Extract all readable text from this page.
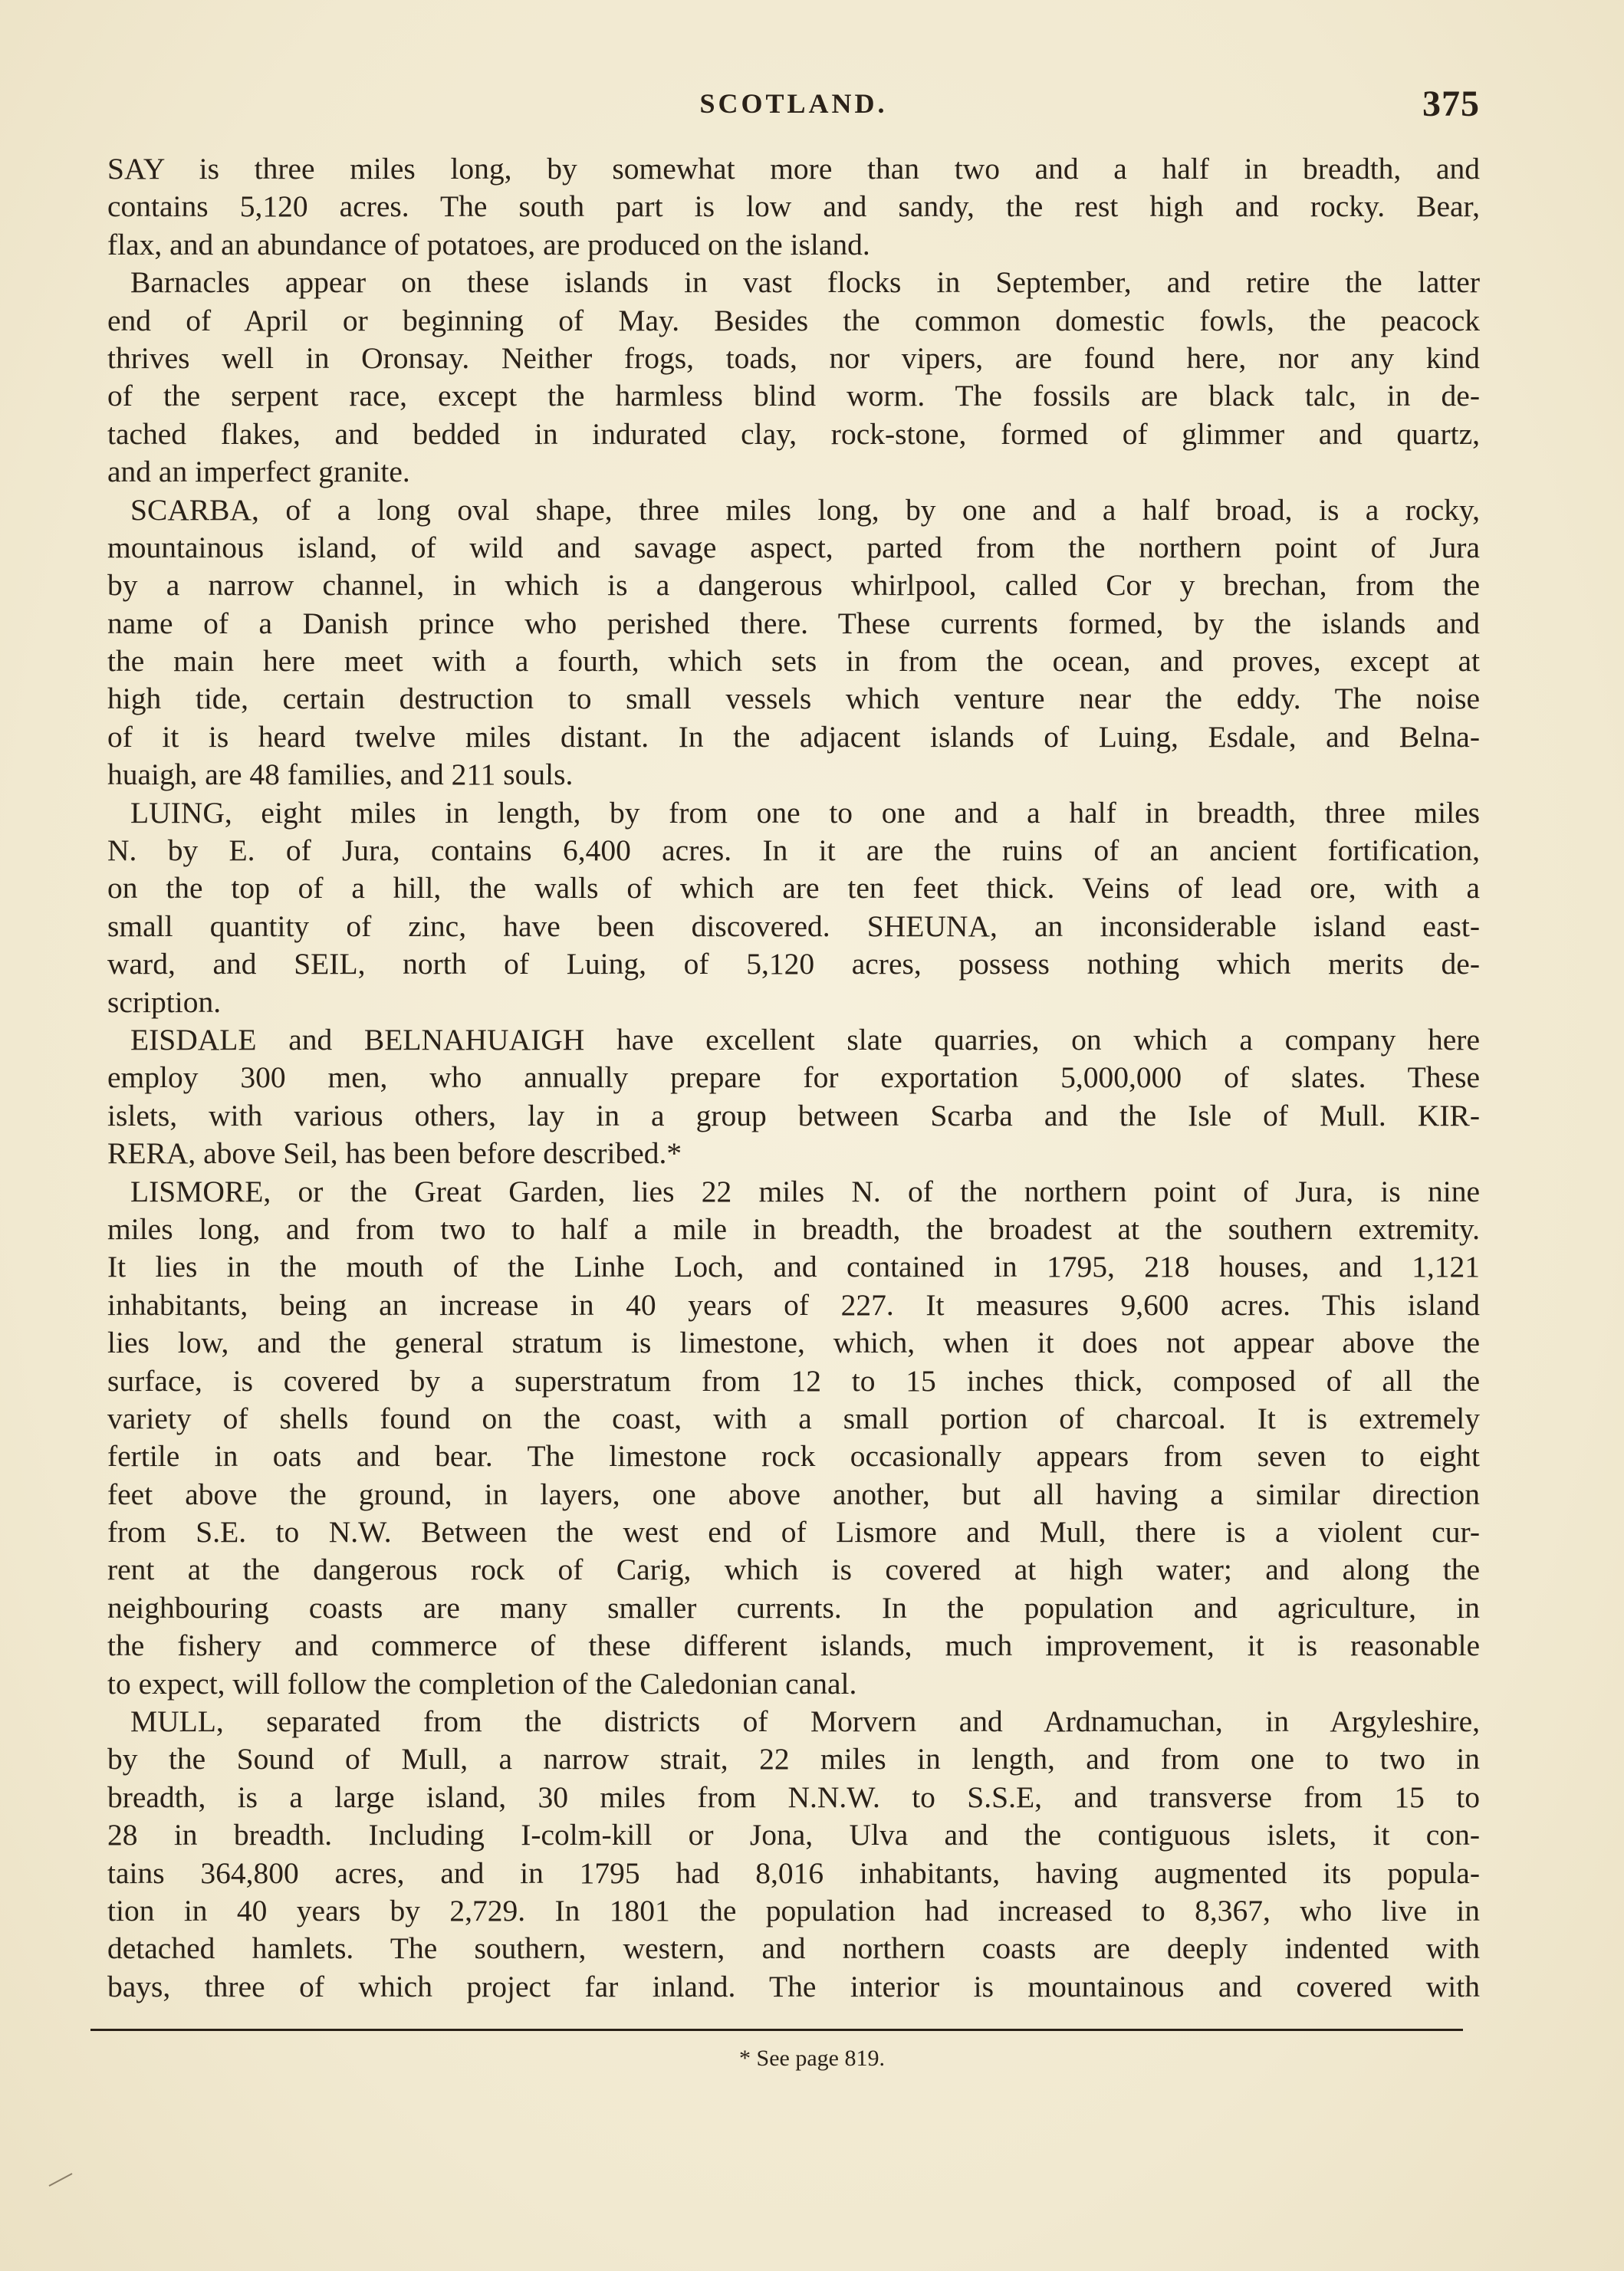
SCOTLAND.	375
SAY is three miles long, by somewhat more than two and a half in breadth, and
contains 5,120 acres. The south part is low and sandy, the rest high and rocky. Bear,
flax, and an abundance of potatoes, are produced on the island.
Barnacles appear on these islands in vast flocks in September, and retire the latter
end of April or beginning of May. Besides the common domestic fowls, the peacock
thrives well in Oronsay. Neither frogs, toads, nor vipers, are found here, nor any kind
of the serpent race, except the harmless blind worm. The fossils are black talc, in de-
tached flakes, and bedded in indurated clay, rock-stone, formed of glimmer and quartz,
and an imperfect granite.
SCARBA, of a long oval shape, three miles long, by one and a half broad, is a rocky,
mountainous island, of wild and savage aspect, parted from the northern point of Jura
by a narrow channel, in which is a dangerous whirlpool, called Cor y brechan, from the
name of a Danish prince who perished there. These currents formed, by the islands and
the main here meet with a fourth, which sets in from the ocean, and proves, except at
high tide, certain destruction to small vessels which venture near the eddy. The noise
of it is heard twelve miles distant. In the adjacent islands of Luing, Esdale, and Belna-
huaigh, are 48 families, and 211 souls.
LUING, eight miles in length, by from one to one and a half in breadth, three miles
N. by E. of Jura, contains 6,400 acres. In it are the ruins of an ancient fortification,
on the top of a hill, the walls of which are ten feet thick. Veins of lead ore, with a
small quantity of zinc, have been discovered. SHEUNA, an inconsiderable island east-
ward, and SEIL, north of Luing, of 5,120 acres, possess nothing which merits de-
scription.
EISDALE and BELNAHUAIGH have excellent slate quarries, on which a company here
employ 300 men, who annually prepare for exportation 5,000,000 of slates. These
islets, with various others, lay in a group between Scarba and the Isle of Mull. KIR-
RERA, above Seil, has been before described.*
LISMORE, or the Great Garden, lies 22 miles N. of the northern point of Jura, is nine
miles long, and from two to half a mile in breadth, the broadest at the southern extremity.
It lies in the mouth of the Linhe Loch, and contained in 1795, 218 houses, and 1,121
inhabitants, being an increase in 40 years of 227. It measures 9,600 acres. This island
lies low, and the general stratum is limestone, which, when it does not appear above the
surface, is covered by a superstratum from 12 to 15 inches thick, composed of all the
variety of shells found on the coast, with a small portion of charcoal. It is extremely
fertile in oats and bear. The limestone rock occasionally appears from seven to eight
feet above the ground, in layers, one above another, but all having a similar direction
from S.E. to N.W. Between the west end of Lismore and Mull, there is a violent cur-
rent at the dangerous rock of Carig, which is covered at high water; and along the
neighbouring coasts are many smaller currents. In the population and agriculture, in
the fishery and commerce of these different islands, much improvement, it is reasonable
to expect, will follow the completion of the Caledonian canal.
MULL, separated from the districts of Morvern and Ardnamuchan, in Argyleshire,
by the Sound of Mull, a narrow strait, 22 miles in length, and from one to two in
breadth, is a large island, 30 miles from N.N.W. to S.S.E, and transverse from 15 to
28 in breadth. Including I-colm-kill or Jona, Ulva and the contiguous islets, it con-
tains 364,800 acres, and in 1795 had 8,016 inhabitants, having augmented its popula-
tion in 40 years by 2,729. In 1801 the population had increased to 8,367, who live in
detached hamlets. The southern, western, and northern coasts are deeply indented with
bays, three of which project far inland. The interior is mountainous and covered with
* See page 819.
